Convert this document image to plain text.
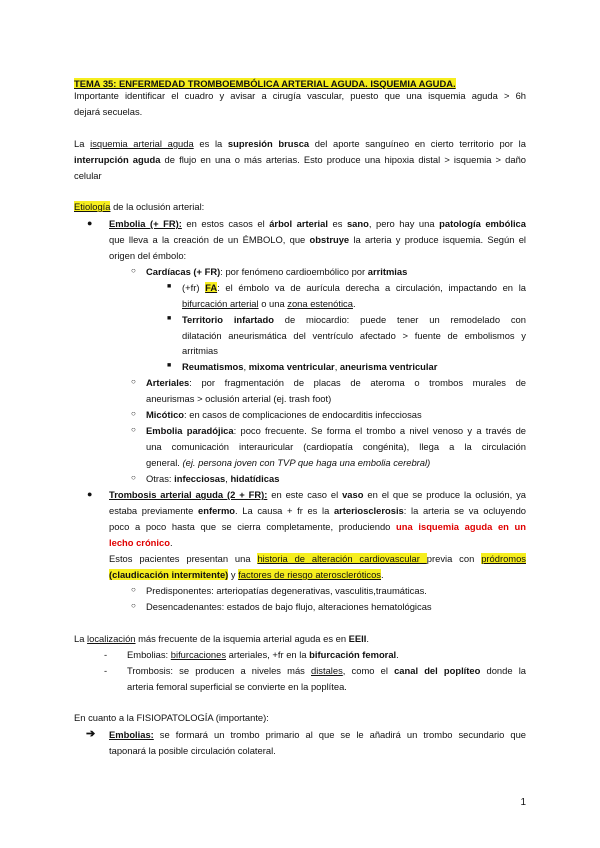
TEMA 35: ENFERMEDAD TROMBOEMBÓLICA ARTERIAL AGUDA. ISQUEMIA AGUDA.
Importante identificar el cuadro y avisar a cirugía vascular, puesto que una isquemia aguda > 6h
dejará secuelas.
La isquemia arterial aguda es la supresión brusca del aporte sanguíneo en cierto territorio por la
interrupción aguda de flujo en una o más arterias. Esto produce una hipoxia distal > isquemia > daño
celular
Etiología de la oclusión arterial:
● Embolia (+ FR): en estos casos el árbol arterial es sano, pero hay una patología embólica
que lleva a la creación de un ÉMBOLO, que obstruye la arteria y produce isquemia. Según el
origen del émbolo:
○ Cardíacas (+ FR): por fenómeno cardioembólico por arritmias
■ (+fr) FA: el émbolo va de aurícula derecha a circulación, impactando en la
bifurcación arterial o una zona estenótica.
■ Territorio infartado de miocardio: puede tener un remodelado con
dilatación aneurismática del ventrículo afectado > fuente de embolismos y
arritmias
■ Reumatismos, mixoma ventricular, aneurisma ventricular
○ Arteriales: por fragmentación de placas de ateroma o trombos murales de
aneurismas > oclusión arterial (ej. trash foot)
○ Micótico: en casos de complicaciones de endocarditis infecciosas
○ Embolia paradójica: poco frecuente. Se forma el trombo a nivel venoso y a través de
una comunicación interauricular (cardiopatía congénita), llega a la circulación
general. (ej. persona joven con TVP que haga una embolia cerebral)
○ Otras: infecciosas, hidatídicas
● Trombosis arterial aguda (2 + FR): en este caso el vaso en el que se produce la oclusión, ya
estaba previamente enfermo. La causa + fr es la arteriosclerosis: la arteria se va ocluyendo
poco a poco hasta que se cierra completamente, produciendo una isquemia aguda en un
lecho crónico.
Estos pacientes presentan una historia de alteración cardiovascular previa con pródromos
(claudicación intermitente) y factores de riesgo ateroscleróticos.
○ Predisponentes: arteriopatías degenerativas, vasculitis,traumáticas.
○ Desencadenantes: estados de bajo flujo, alteraciones hematológicas
La localización más frecuente de la isquemia arterial aguda es en EEII.
- Embolias: bifurcaciones arteriales, +fr en la bifurcación femoral.
- Trombosis: se producen a niveles más distales, como el canal del poplíteo donde la
arteria femoral superficial se convierte en la poplítea.
En cuanto a la FISIOPATOLOGÍA (importante):
➔ Embolias: se formará un trombo primario al que se le añadirá un trombo secundario que
taponará la posible circulación colateral.
1
